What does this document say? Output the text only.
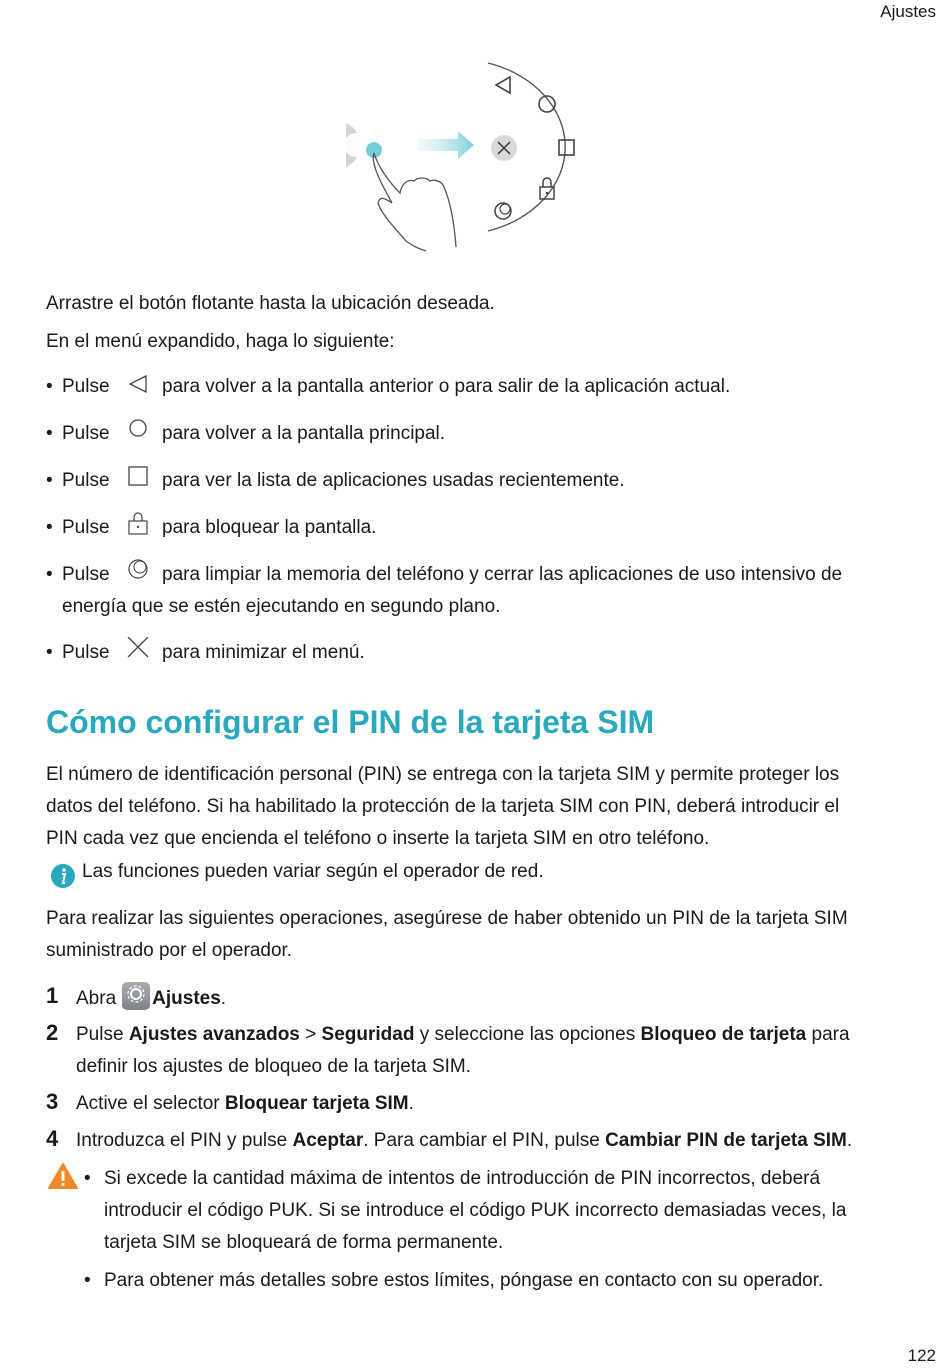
Ajustes
Arrastre el botón flotante hasta la ubicación deseada.
En el menú expandido, haga lo siguiente:
• Pulse	para volver a la pantalla anterior o para salir de la aplicación actual.
• Pulse	para volver a la pantalla principal.
• Pulse	para ver la lista de aplicaciones usadas recientemente.
• Pulse	para bloquear la pantalla.
• Pulse	para limpiar la memoria del teléfono y cerrar las aplicaciones de uso intensivo de
energía que se estén ejecutando en segundo plano.
• Pulse	para minimizar el menú.
Cómo configurar el PIN de la tarjeta SIM
El número de identificación personal (PIN) se entrega con la tarjeta SIM y permite proteger los
datos del teléfono. Si ha habilitado la protección de la tarjeta SIM con PIN, deberá introducir el
PIN cada vez que encienda el teléfono o inserte la tarjeta SIM en otro teléfono.
Las funciones pueden variar según el operador de red.
Para realizar las siguientes operaciones, asegúrese de haber obtenido un PIN de la tarjeta SIM
suministrado por el operador.
1 Abra Ajustes.
2 Pulse Ajustes avanzados > Seguridad y seleccione las opciones Bloqueo de tarjeta para
definir los ajustes de bloqueo de la tarjeta SIM.
3 Active el selector Bloquear tarjeta SIM.
4 Introduzca el PIN y pulse Aceptar. Para cambiar el PIN, pulse Cambiar PIN de tarjeta SIM.
• Si excede la cantidad máxima de intentos de introducción de PIN incorrectos, deberá
introducir el código PUK. Si se introduce el código PUK incorrecto demasiadas veces, la
tarjeta SIM se bloqueará de forma permanente.
• Para obtener más detalles sobre estos límites, póngase en contacto con su operador.
122
